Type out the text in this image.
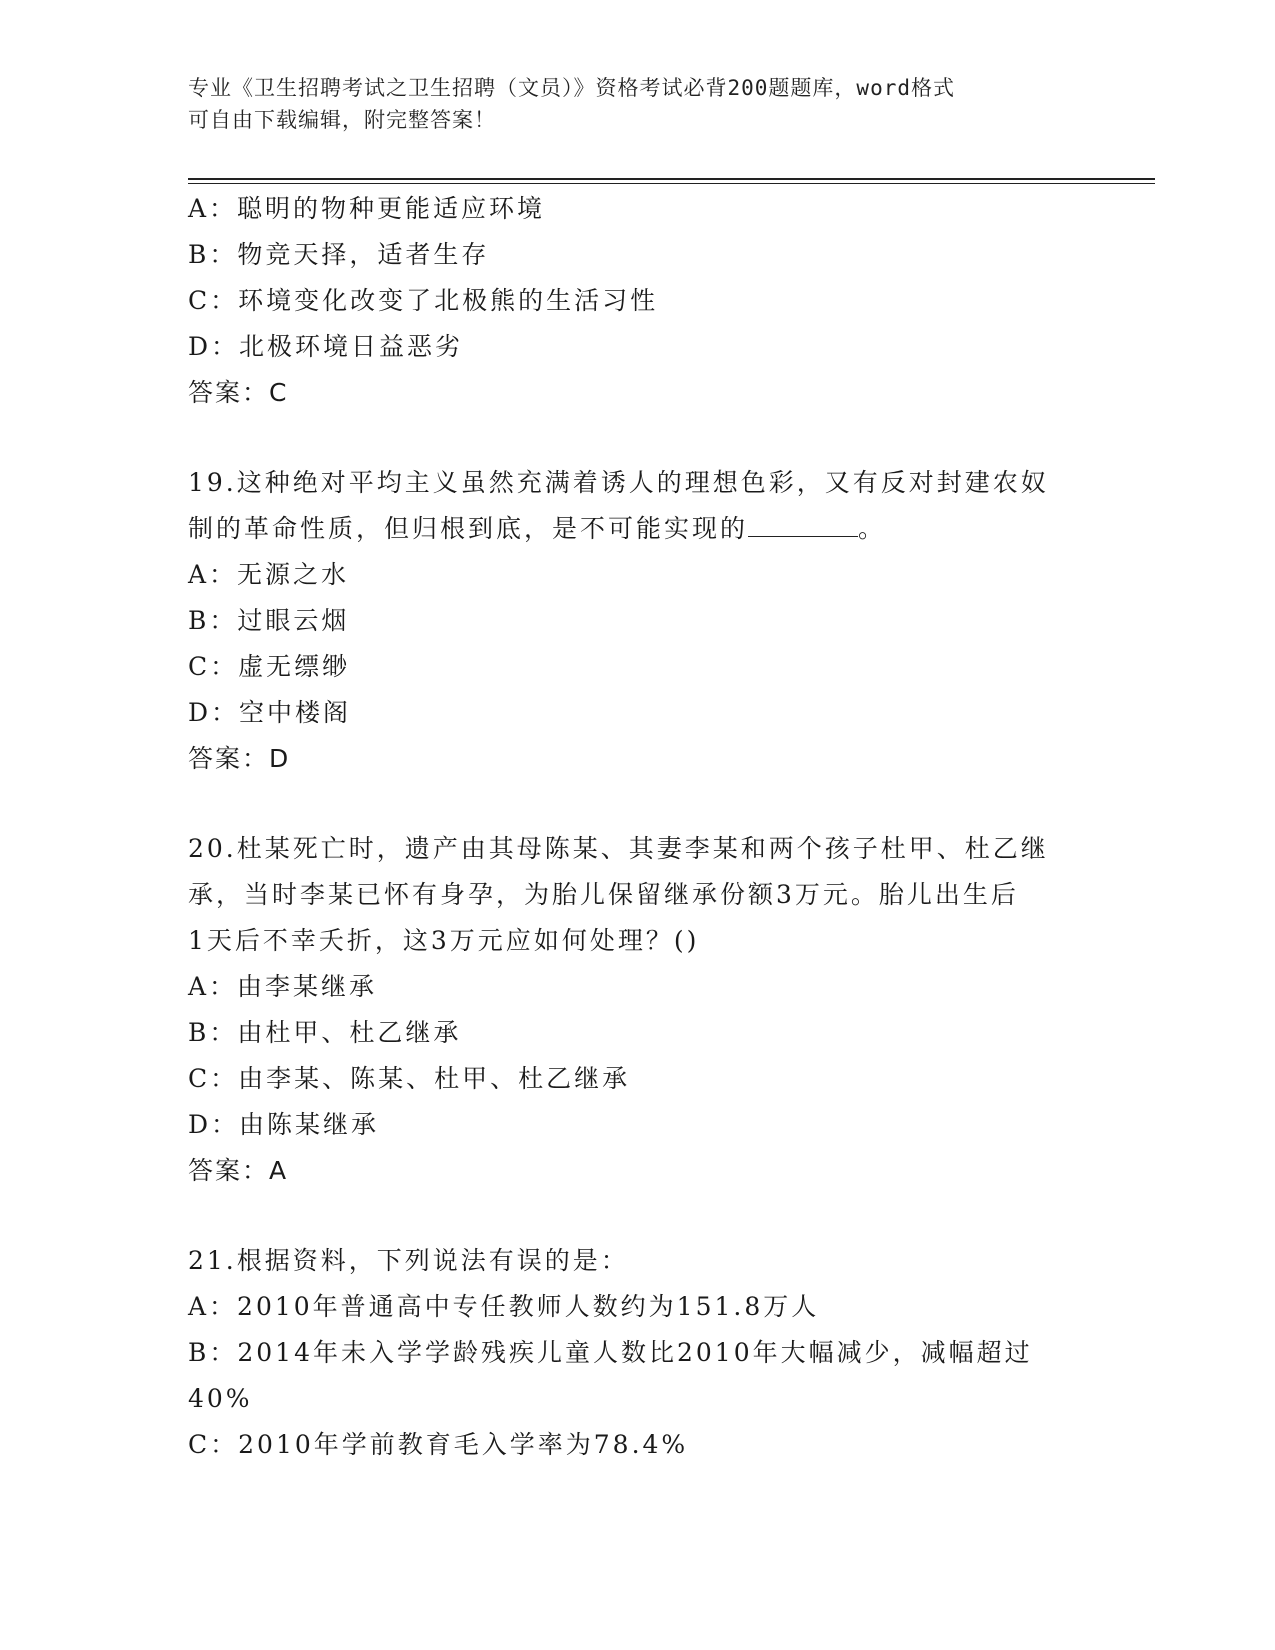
专业《卫生招聘考试之卫生招聘（文员）》资格考试必背200题题库，word格式
可自由下载编辑，附完整答案！
A：聪明的物种更能适应环境
B：物竞天择，适者生存
C：环境变化改变了北极熊的生活习性
D：北极环境日益恶劣
答案：C
19.这种绝对平均主义虽然充满着诱人的理想色彩，又有反对封建农奴
制的革命性质，但归根到底，是不可能实现的	。
A：无源之水
B：过眼云烟
C：虚无缥缈
D：空中楼阁
答案：D
20.杜某死亡时，遗产由其母陈某、其妻李某和两个孩子杜甲、杜乙继
承，当时李某已怀有身孕，为胎儿保留继承份额3万元。胎儿出生后
1天后不幸夭折，这3万元应如何处理？()
A：由李某继承
B：由杜甲、杜乙继承
C：由李某、陈某、杜甲、杜乙继承
D：由陈某继承
答案：A
21.根据资料，下列说法有误的是：
A：2010年普通高中专任教师人数约为151.8万人
B：2014年未入学学龄残疾儿童人数比2010年大幅减少，减幅超过
40%
C：2010年学前教育毛入学率为78.4%
